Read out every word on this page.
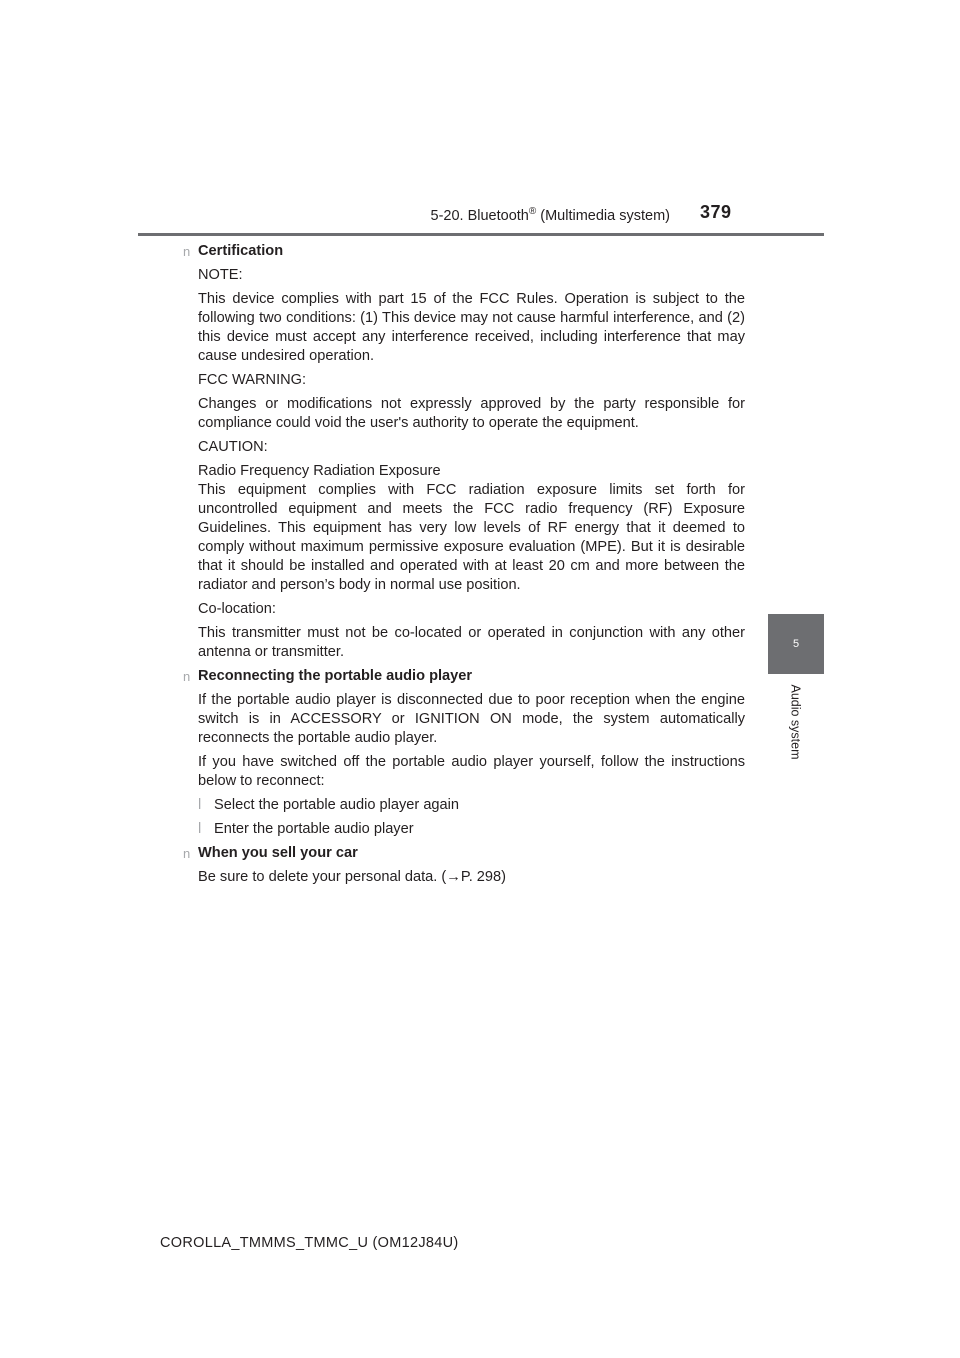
5-20. Bluetooth® (Multimedia system) 379
5
Audio system
n Certification

NOTE:

This device complies with part 15 of the FCC Rules. Operation is subject to the following two conditions: (1) This device may not cause harmful interference, and (2) this device must accept any interference received, including interference that may cause undesired operation.

FCC WARNING:

Changes or modifications not expressly approved by the party responsible for compliance could void the user's authority to operate the equipment.

CAUTION:

Radio Frequency Radiation Exposure

This equipment complies with FCC radiation exposure limits set forth for uncontrolled equipment and meets the FCC radio frequency (RF) Exposure Guidelines. This equipment has very low levels of RF energy that it deemed to comply without maximum permissive exposure evaluation (MPE). But it is desirable that it should be installed and operated with at least 20 cm and more between the radiator and person’s body in normal use position.

Co-location:

This transmitter must not be co-located or operated in conjunction with any other antenna or transmitter.

n Reconnecting the portable audio player

If the portable audio player is disconnected due to poor reception when the engine switch is in ACCESSORY or IGNITION ON mode, the system automatically reconnects the portable audio player.

If you have switched off the portable audio player yourself, follow the instructions below to reconnect:

l Select the portable audio player again
l Enter the portable audio player
n When you sell your car

Be sure to delete your personal data. (→P. 298)

COROLLA_TMMMS_TMMC_U (OM12J84U)
